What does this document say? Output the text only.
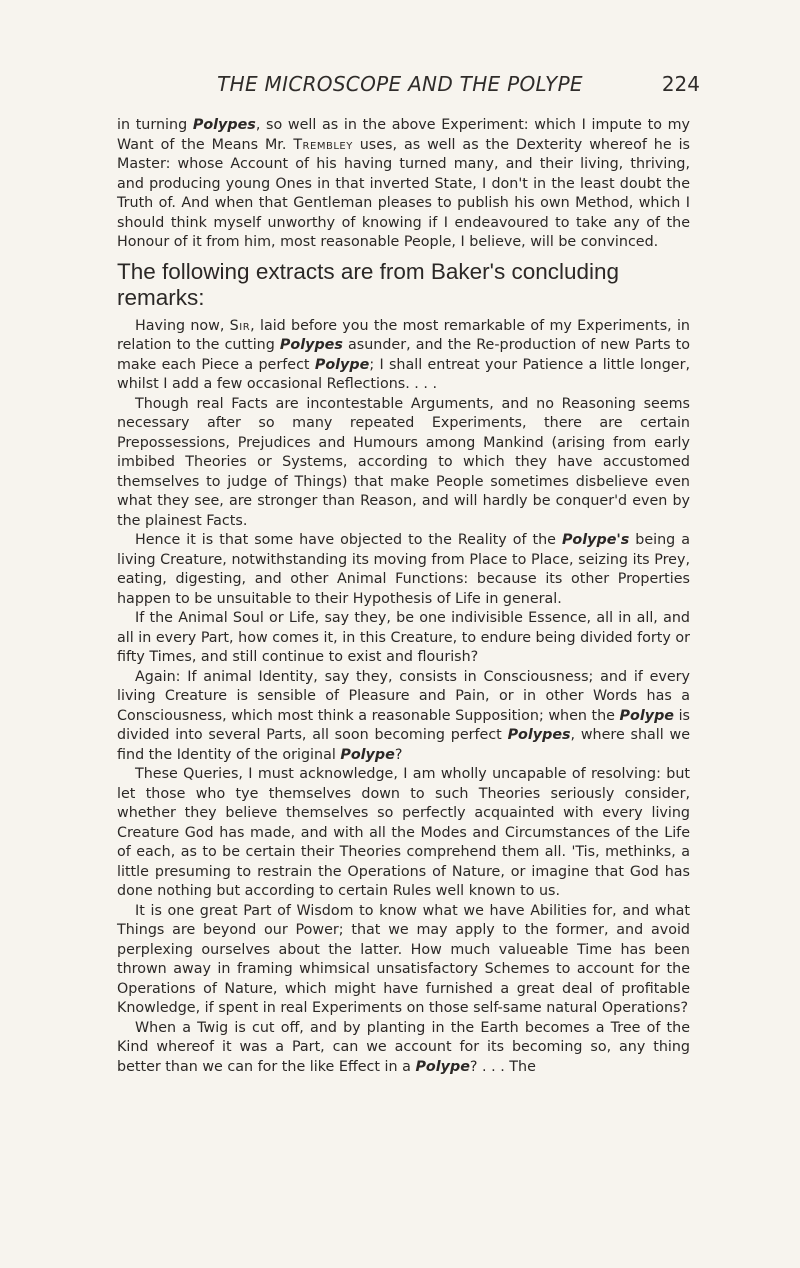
THE MICROSCOPE AND THE POLYPE	224

in turning Polypes, so well as in the above Experiment: which I impute to my Want of the Means Mr. Trembley uses, as well as the Dexterity whereof he is Master: whose Account of his having turned many, and their living, thriving, and producing young Ones in that inverted State, I don't in the least doubt the Truth of. And when that Gentleman pleases to publish his own Method, which I should think myself unworthy of knowing if I endeavoured to take any of the Honour of it from him, most reasonable People, I believe, will be convinced.

The following extracts are from Baker's concluding remarks:

Having now, Sir, laid before you the most remarkable of my Experiments, in relation to the cutting Polypes asunder, and the Re-production of new Parts to make each Piece a perfect Polype; I shall entreat your Patience a little longer, whilst I add a few occasional Reflections. . . .

Though real Facts are incontestable Arguments, and no Reasoning seems necessary after so many repeated Experiments, there are certain Prepossessions, Prejudices and Humours among Mankind (arising from early imbibed Theories or Systems, according to which they have accustomed themselves to judge of Things) that make People sometimes disbelieve even what they see, are stronger than Reason, and will hardly be conquer'd even by the plainest Facts.

Hence it is that some have objected to the Reality of the Polype's being a living Creature, notwithstanding its moving from Place to Place, seizing its Prey, eating, digesting, and other Animal Functions: because its other Properties happen to be unsuitable to their Hypothesis of Life in general.

If the Animal Soul or Life, say they, be one indivisible Essence, all in all, and all in every Part, how comes it, in this Creature, to endure being divided forty or fifty Times, and still continue to exist and flourish?

Again: If animal Identity, say they, consists in Consciousness; and if every living Creature is sensible of Pleasure and Pain, or in other Words has a Consciousness, which most think a reasonable Supposition; when the Polype is divided into several Parts, all soon becoming perfect Polypes, where shall we find the Identity of the original Polype?

These Queries, I must acknowledge, I am wholly uncapable of resolving: but let those who tye themselves down to such Theories seriously consider, whether they believe themselves so perfectly acquainted with every living Creature God has made, and with all the Modes and Circumstances of the Life of each, as to be certain their Theories comprehend them all. 'Tis, methinks, a little presuming to restrain the Operations of Nature, or imagine that God has done nothing but according to certain Rules well known to us.

It is one great Part of Wisdom to know what we have Abilities for, and what Things are beyond our Power; that we may apply to the former, and avoid perplexing ourselves about the latter. How much valueable Time has been thrown away in framing whimsical unsatisfactory Schemes to account for the Operations of Nature, which might have furnished a great deal of profitable Knowledge, if spent in real Experiments on those self-same natural Operations?

When a Twig is cut off, and by planting in the Earth becomes a Tree of the Kind whereof it was a Part, can we account for its becoming so, any thing better than we can for the like Effect in a Polype? . . . The
